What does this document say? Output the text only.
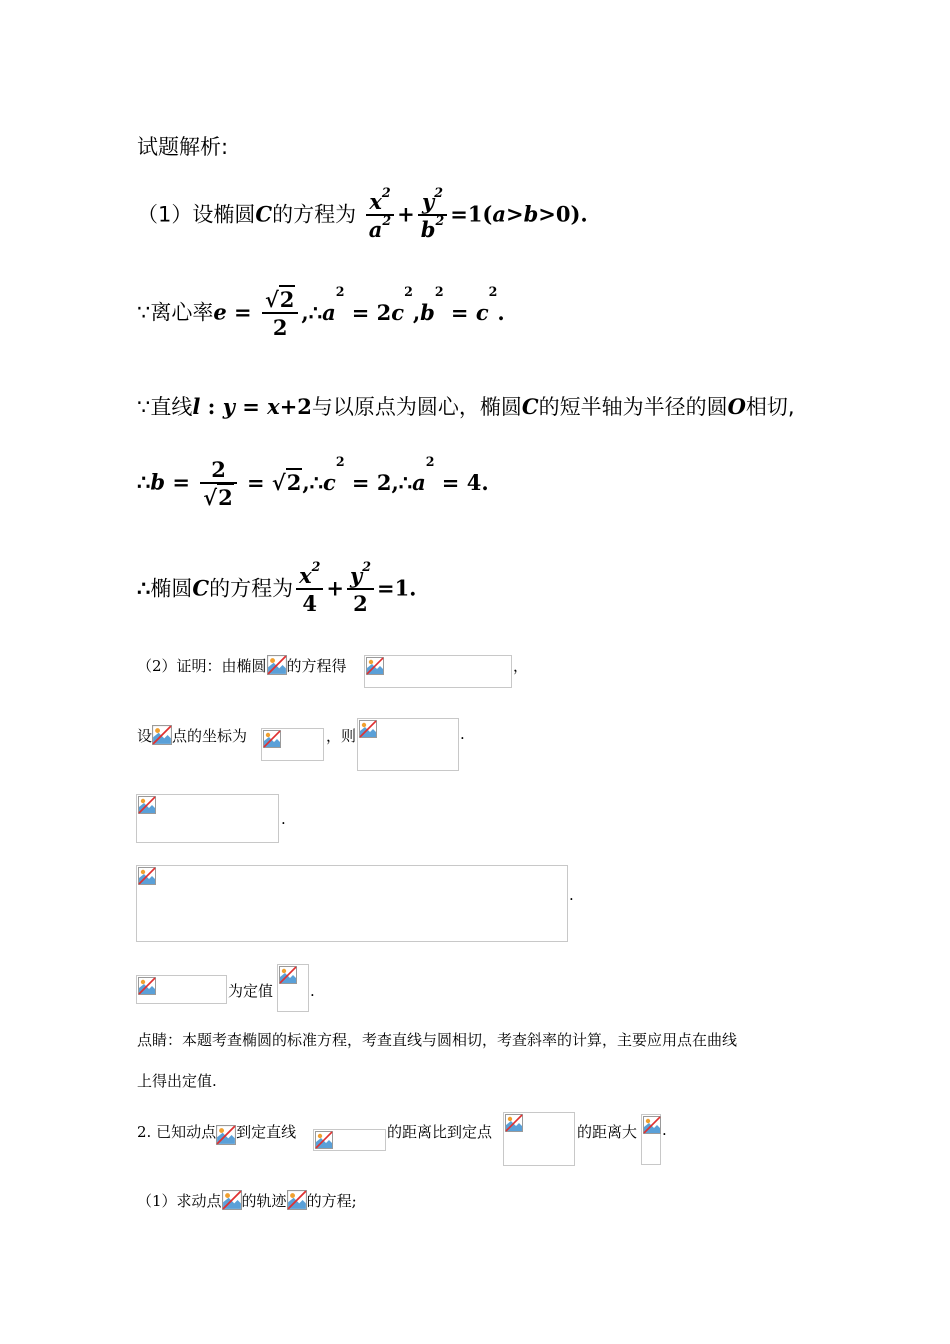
试题解析:
（1）设椭圆C的方程为 $\frac{x^2}{a^2} + \frac{y^2}{b^2} =1(a>b>0)$.
∵离心率$e = \frac{√2}{2}$ $,\therefore a^2 = 2c^2,b^2 = c^2$.
∵直线l : y = x+2与以原点为圆心，椭圆C的短半轴为半径的圆O相切,
∴b = $\frac{2}{√2}$ = $√2,\therefore c^2$ = $2,\therefore a^2 = 4$.
∴椭圆C的方程为 $\frac{x^2}{4} + \frac{y^2}{2} =1$.
（2）证明：由椭圆 的方程得	，
设 点的坐标为	，则	.
.
.
为定值 .
点睛：本题考查椭圆的标准方程，考查直线与圆相切，考查斜率的计算，主要应用点在曲线
上得出定值.
2. 已知动点 到定直线	的距离比到定点	的距离大 .
（1）求动点 的轨迹 的方程;
